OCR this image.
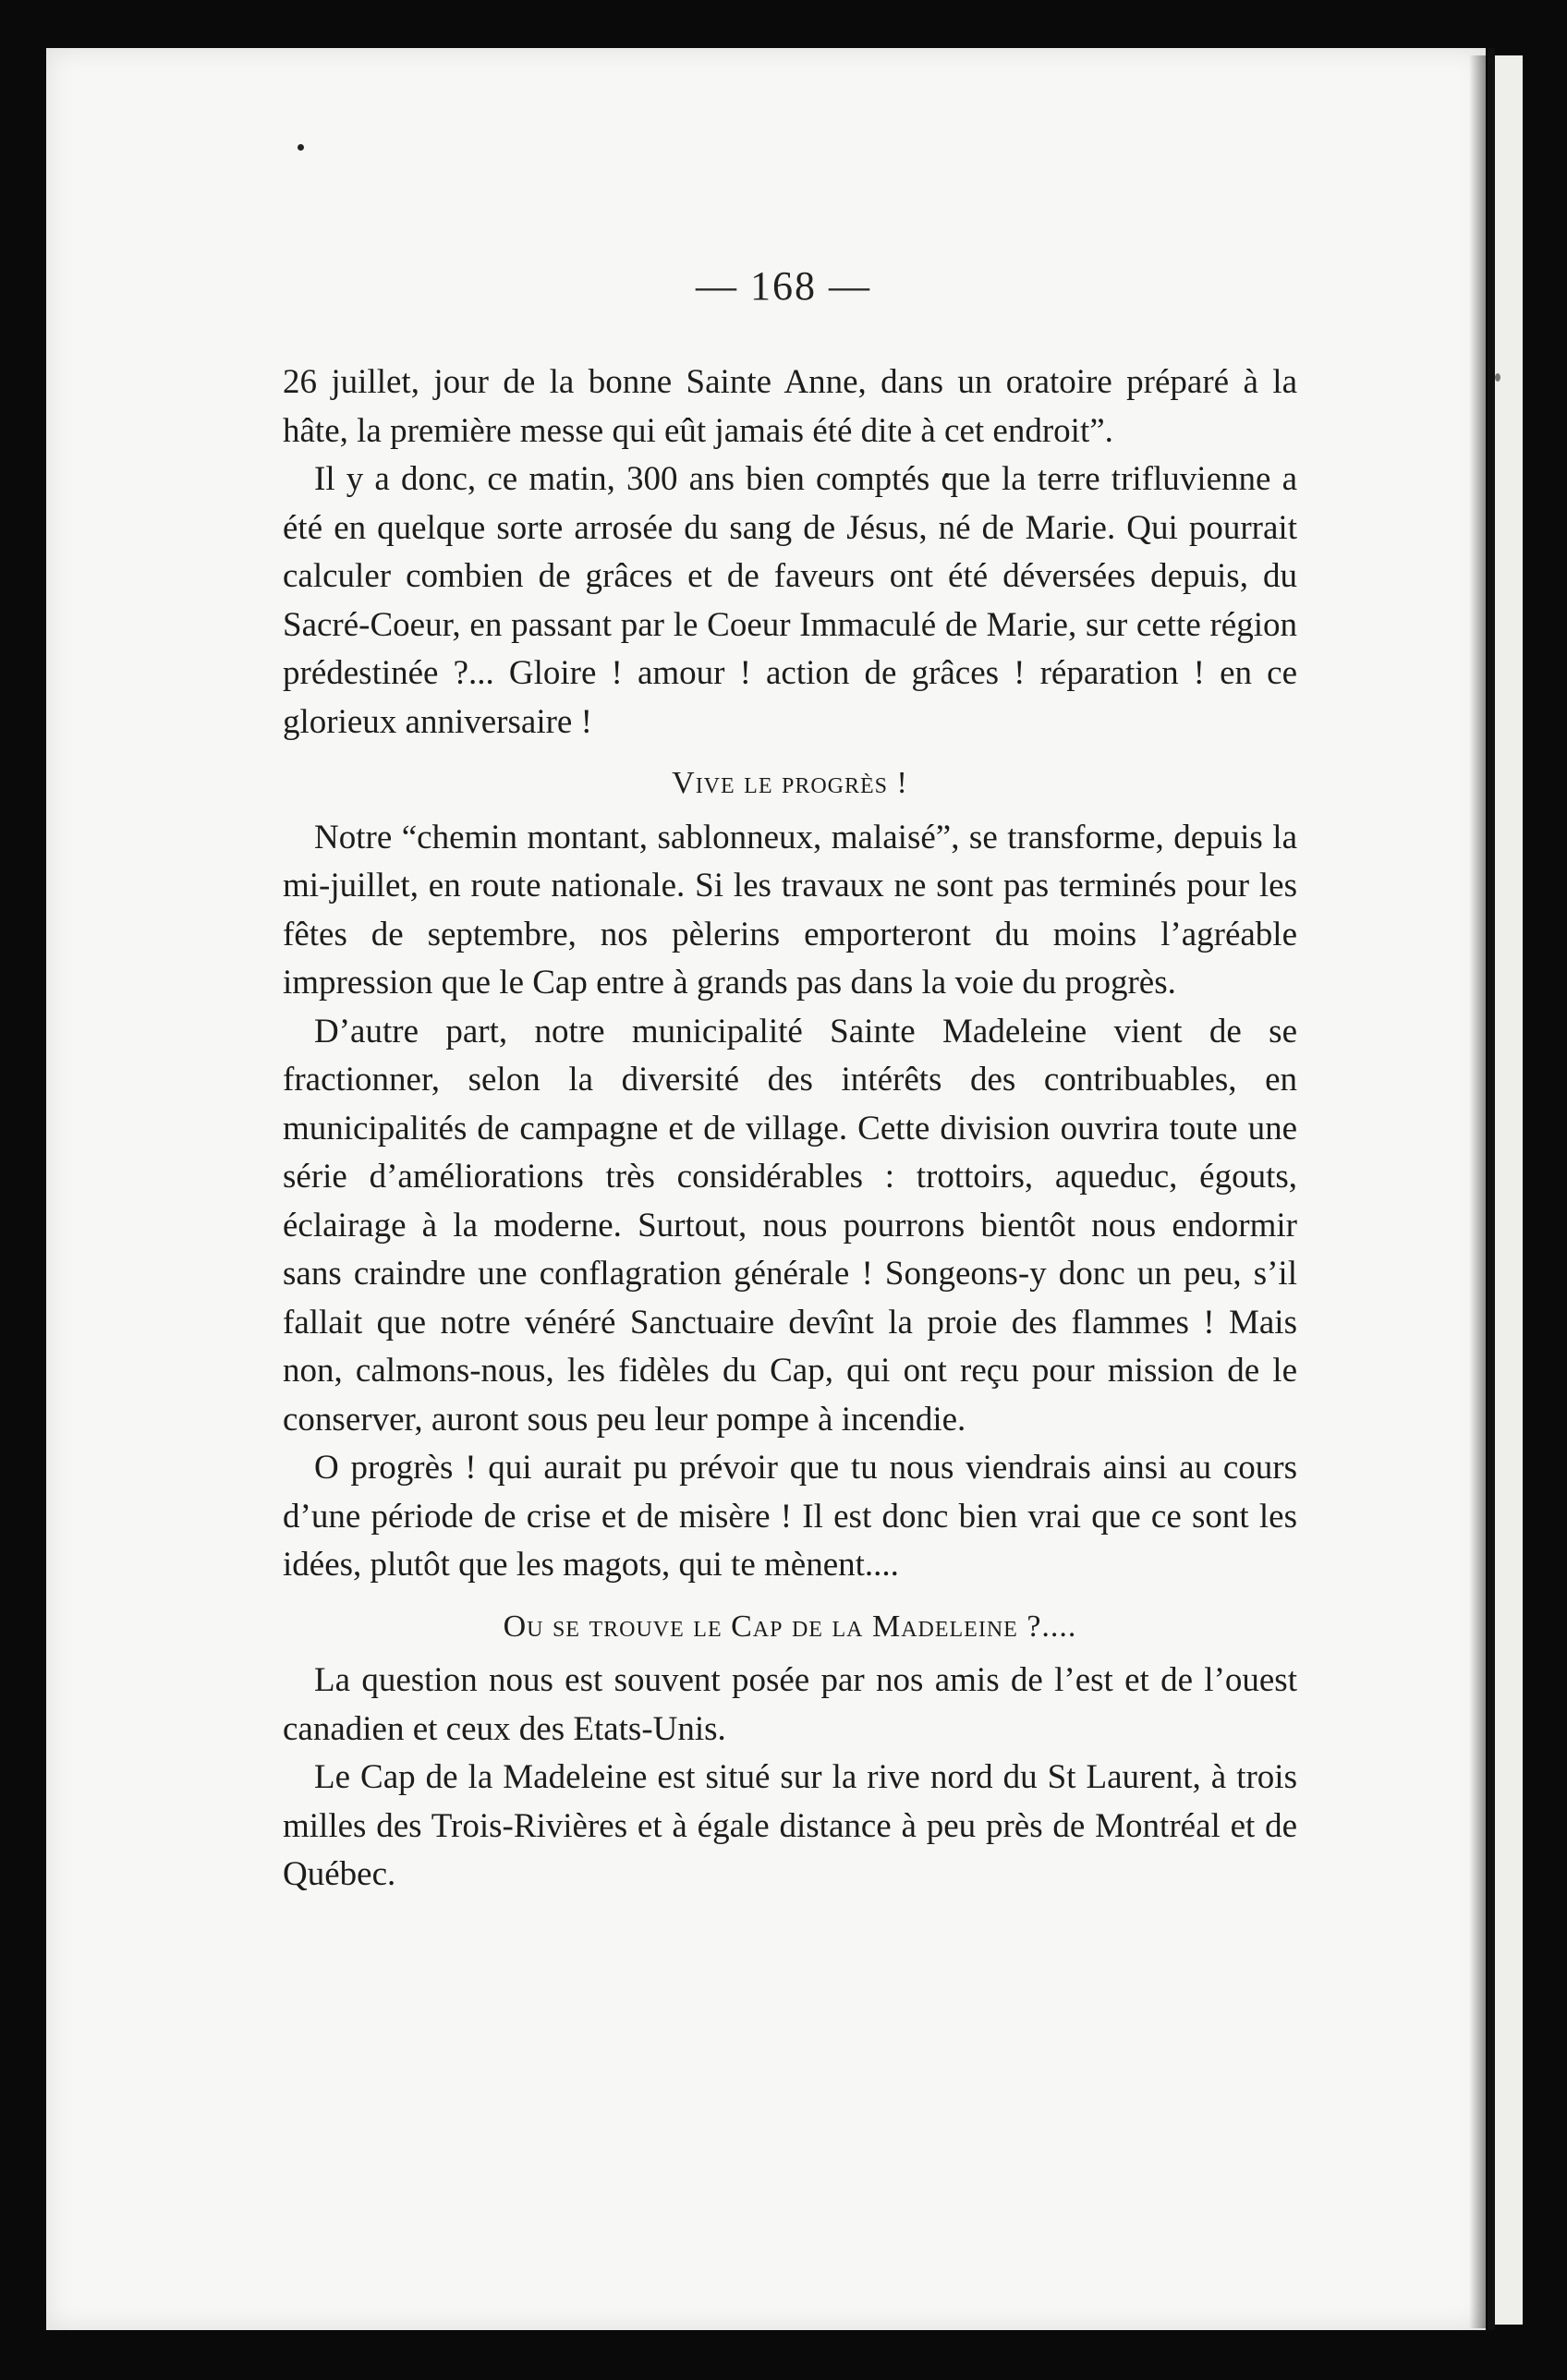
— 168 —

26 juillet, jour de la bonne Sainte Anne, dans un oratoire préparé à la hâte, la première messe qui eût jamais été dite à cet endroit”.

Il y a donc, ce matin, 300 ans bien comptés que la terre trifluvienne a été en quelque sorte arrosée du sang de Jésus, né de Marie. Qui pourrait calculer combien de grâces et de faveurs ont été déversées depuis, du Sacré-Coeur, en passant par le Coeur Immaculé de Marie, sur cette région prédestinée ?... Gloire ! amour ! action de grâces ! réparation ! en ce glorieux anniversaire !

Vive le progrès !

Notre “chemin montant, sablonneux, malaisé”, se transforme, depuis la mi-juillet, en route nationale. Si les travaux ne sont pas terminés pour les fêtes de septembre, nos pèlerins emporteront du moins l’agréable impression que le Cap entre à grands pas dans la voie du progrès.

D’autre part, notre municipalité Sainte Madeleine vient de se fractionner, selon la diversité des intérêts des contribuables, en municipalités de campagne et de village. Cette division ouvrira toute une série d’améliorations très considérables : trottoirs, aqueduc, égouts, éclairage à la moderne. Surtout, nous pourrons bientôt nous endormir sans craindre une conflagration générale ! Songeons-y donc un peu, s’il fallait que notre vénéré Sanctuaire devînt la proie des flammes ! Mais non, calmons-nous, les fidèles du Cap, qui ont reçu pour mission de le conserver, auront sous peu leur pompe à incendie.

O progrès ! qui aurait pu prévoir que tu nous viendrais ainsi au cours d’une période de crise et de misère ! Il est donc bien vrai que ce sont les idées, plutôt que les magots, qui te mènent....

Ou se trouve le Cap de la Madeleine ?....

La question nous est souvent posée par nos amis de l’est et de l’ouest canadien et ceux des Etats-Unis.

Le Cap de la Madeleine est situé sur la rive nord du St Laurent, à trois milles des Trois-Rivières et à égale distance à peu près de Montréal et de Québec.
